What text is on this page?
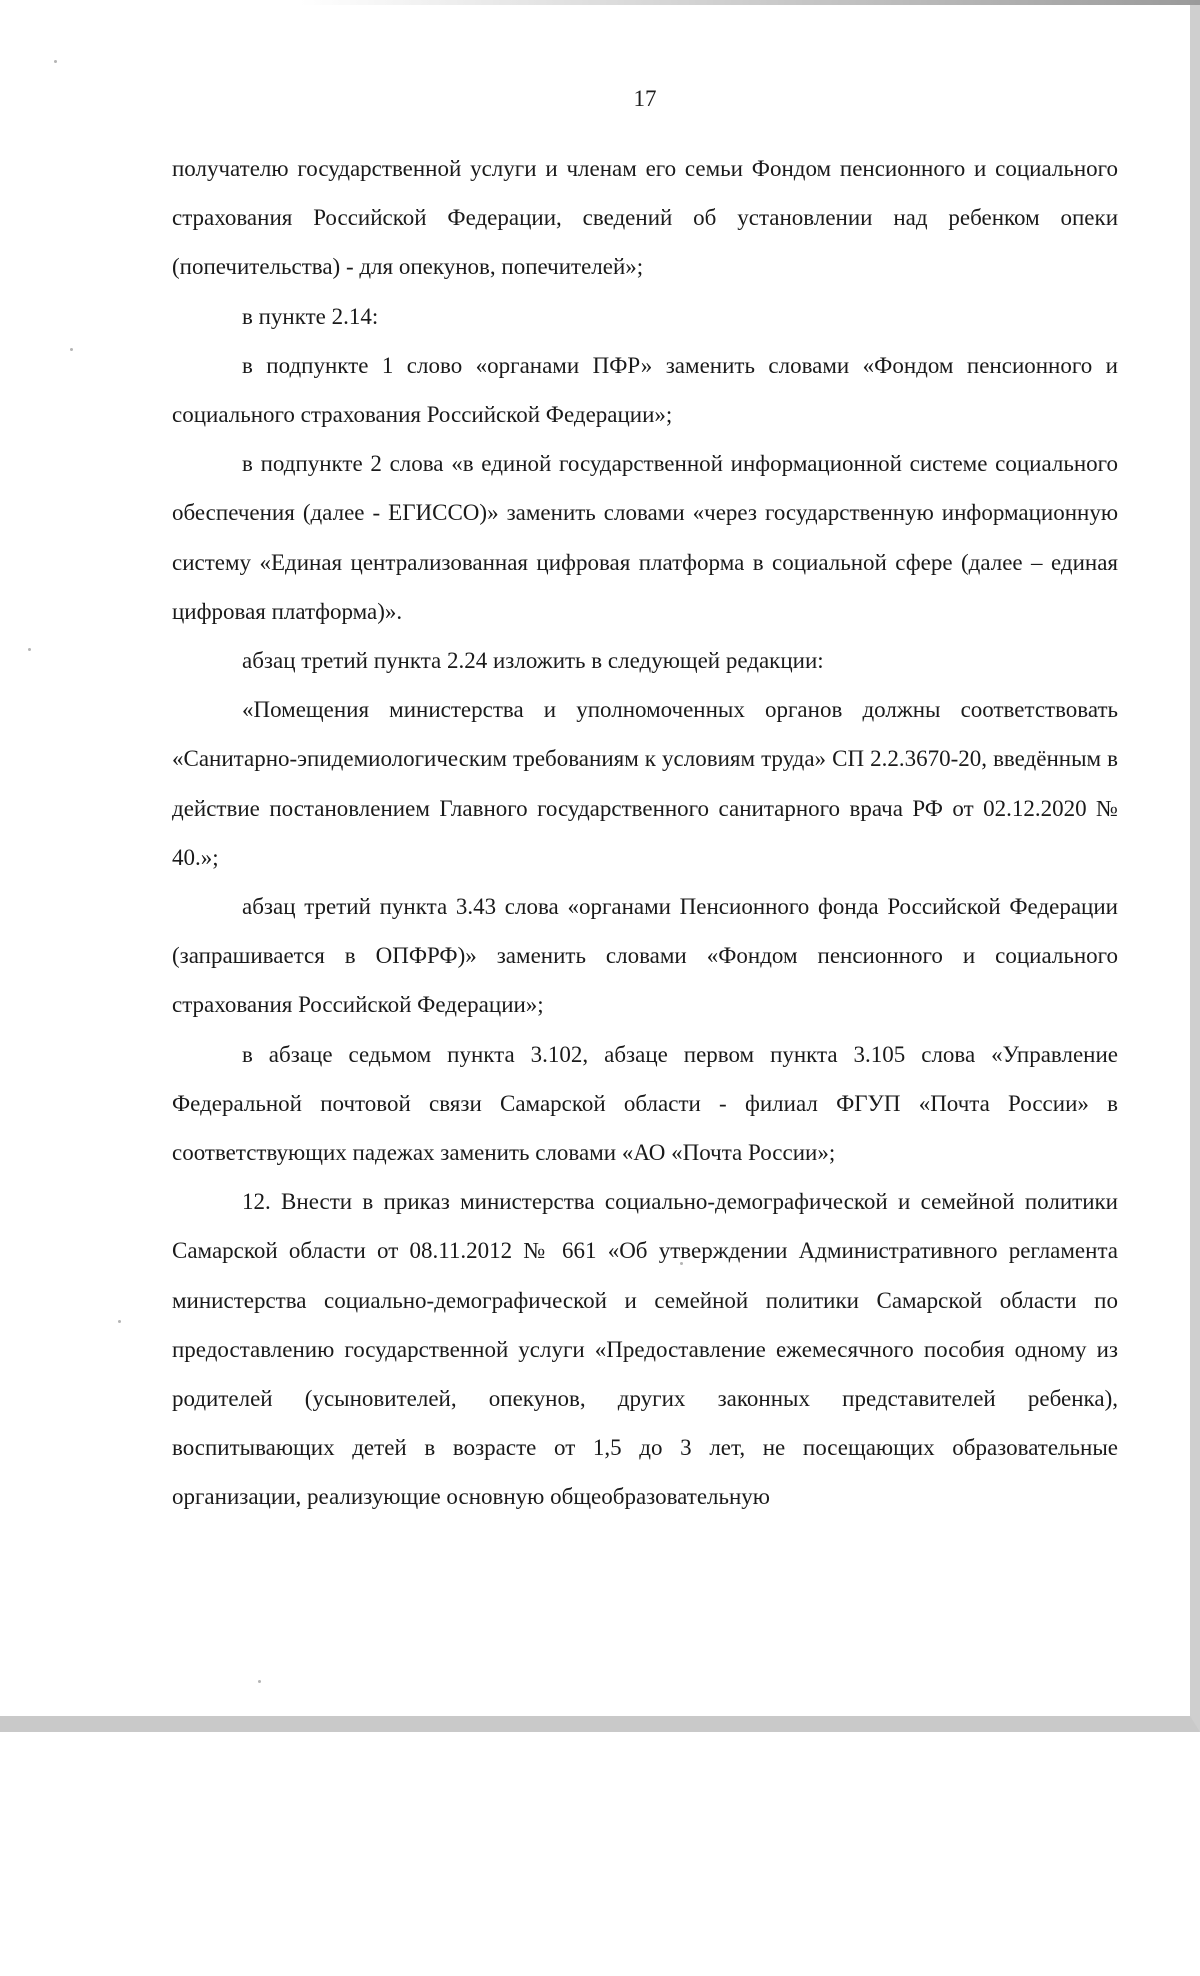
17

получателю государственной услуги и членам его семьи Фондом пенсионного и социального страхования Российской Федерации, сведений об установлении над ребенком опеки (попечительства) - для опекунов, попечителей»;

в пункте 2.14:

в подпункте 1 слово «органами ПФР» заменить словами «Фондом пенсионного и социального страхования Российской Федерации»;

в подпункте 2 слова «в единой государственной информационной системе социального обеспечения (далее - ЕГИССО)» заменить словами «через государственную информационную систему «Единая централизованная цифровая платформа в социальной сфере (далее – единая цифровая платформа)».

абзац третий пункта 2.24 изложить в следующей редакции:

«Помещения министерства и уполномоченных органов должны соответствовать «Санитарно-эпидемиологическим требованиям к условиям труда» СП 2.2.3670-20, введённым в действие постановлением Главного государственного санитарного врача РФ от 02.12.2020 № 40.»;

абзац третий пункта 3.43 слова «органами Пенсионного фонда Российской Федерации (запрашивается в ОПФРФ)» заменить словами «Фондом пенсионного и социального страхования Российской Федерации»;

в абзаце седьмом пункта 3.102, абзаце первом пункта 3.105 слова «Управление Федеральной почтовой связи Самарской области - филиал ФГУП «Почта России» в соответствующих падежах заменить словами «АО «Почта России»;

12. Внести в приказ министерства социально-демографической и семейной политики Самарской области от 08.11.2012 № 661 «Об утверждении Административного регламента министерства социально-демографической и семейной политики Самарской области по предоставлению государственной услуги «Предоставление ежемесячного пособия одному из родителей (усыновителей, опекунов, других законных представителей ребенка), воспитывающих детей в возрасте от 1,5 до 3 лет, не посещающих образовательные организации, реализующие основную общеобразовательную
